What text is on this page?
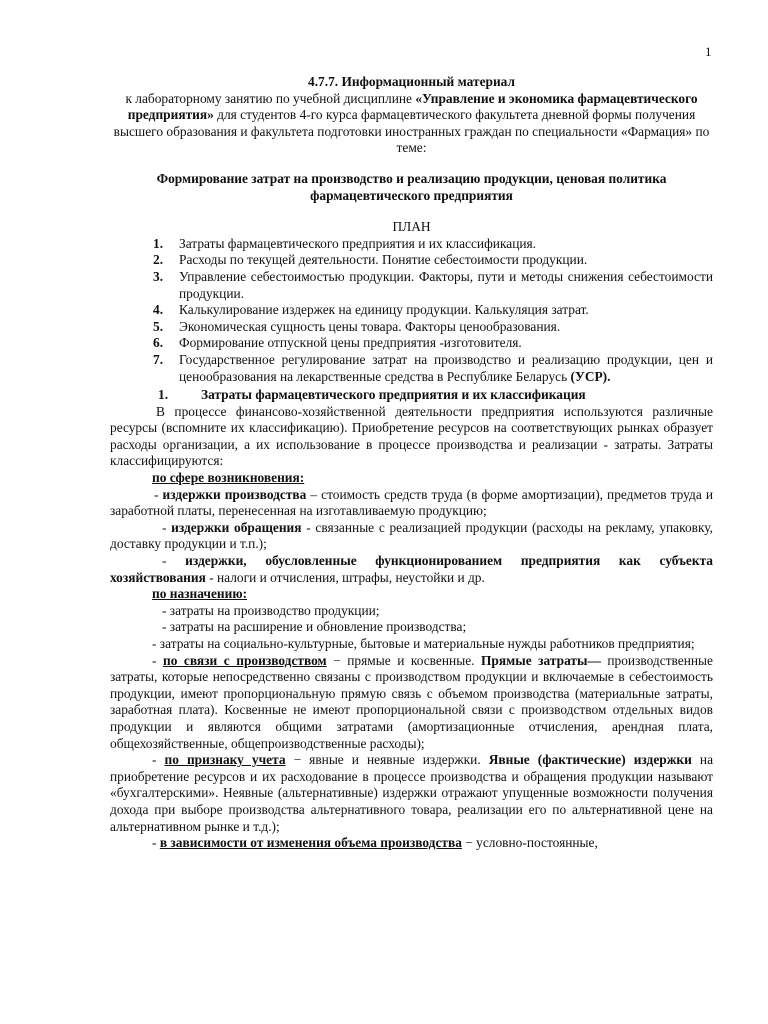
1
4.7.7. Информационный материал
к лабораторному занятию по учебной дисциплине «Управление и экономика фармацевтического предприятия» для студентов 4-го курса фармацевтического факультета дневной формы получения высшего образования и факультета подготовки иностранных граждан по специальности «Фармация» по теме:
Формирование затрат на производство и реализацию продукции, ценовая политика фармацевтического предприятия
ПЛАН
1. Затраты фармацевтического предприятия и их классификация.
2. Расходы по текущей деятельности. Понятие себестоимости продукции.
3. Управление себестоимостью продукции. Факторы, пути и методы снижения себестоимости продукции.
4. Калькулирование издержек на единицу продукции. Калькуляция затрат.
5. Экономическая сущность цены товара. Факторы ценообразования.
6. Формирование отпускной цены предприятия -изготовителя.
7. Государственное регулирование затрат на производство и реализацию продукции, цен и ценообразования на лекарственные средства в Республике Беларусь (УСР).
1. Затраты фармацевтического предприятия и их классификация

В процессе финансово-хозяйственной деятельности предприятия используются различные ресурсы (вспомните их классификацию). Приобретение ресурсов на соответствующих рынках образует расходы организации, а их использование в процессе производства и реализации - затраты. Затраты классифицируются:

по сфере возникновения:

- издержки производства – стоимость средств труда (в форме амортизации), предметов труда и заработной платы, перенесенная на изготавливаемую продукцию;

- издержки обращения - связанные с реализацией продукции (расходы на рекламу, упаковку, доставку продукции и т.п.);

- издержки, обусловленные функционированием предприятия как субъекта хозяйствования - налоги и отчисления, штрафы, неустойки и др.

по назначению:

- затраты на производство продукции;

- затраты на расширение и обновление производства;

- затраты на социально-культурные, бытовые и материальные нужды работников предприятия;

- по связи с производством − прямые и косвенные. Прямые затраты— производственные затраты, которые непосредственно связаны с производством продукции и включаемые в себестоимость продукции, имеют пропорциональную прямую связь с объемом производства (материальные затраты, заработная плата). Косвенные не имеют пропорциональной связи с производством отдельных видов продукции и являются общими затратами (амортизационные отчисления, арендная плата, общехозяйственные, общепроизводственные расходы);

- по признаку учета − явные и неявные издержки. Явные (фактические) издержки на приобретение ресурсов и их расходование в процессе производства и обращения продукции называют «бухгалтерскими». Неявные (альтернативные) издержки отражают упущенные возможности получения дохода при выборе производства альтернативного товара, реализации его по альтернативной цене на альтернативном рынке и т.д.);

- в зависимости от изменения объема производства − условно-постоянные,
